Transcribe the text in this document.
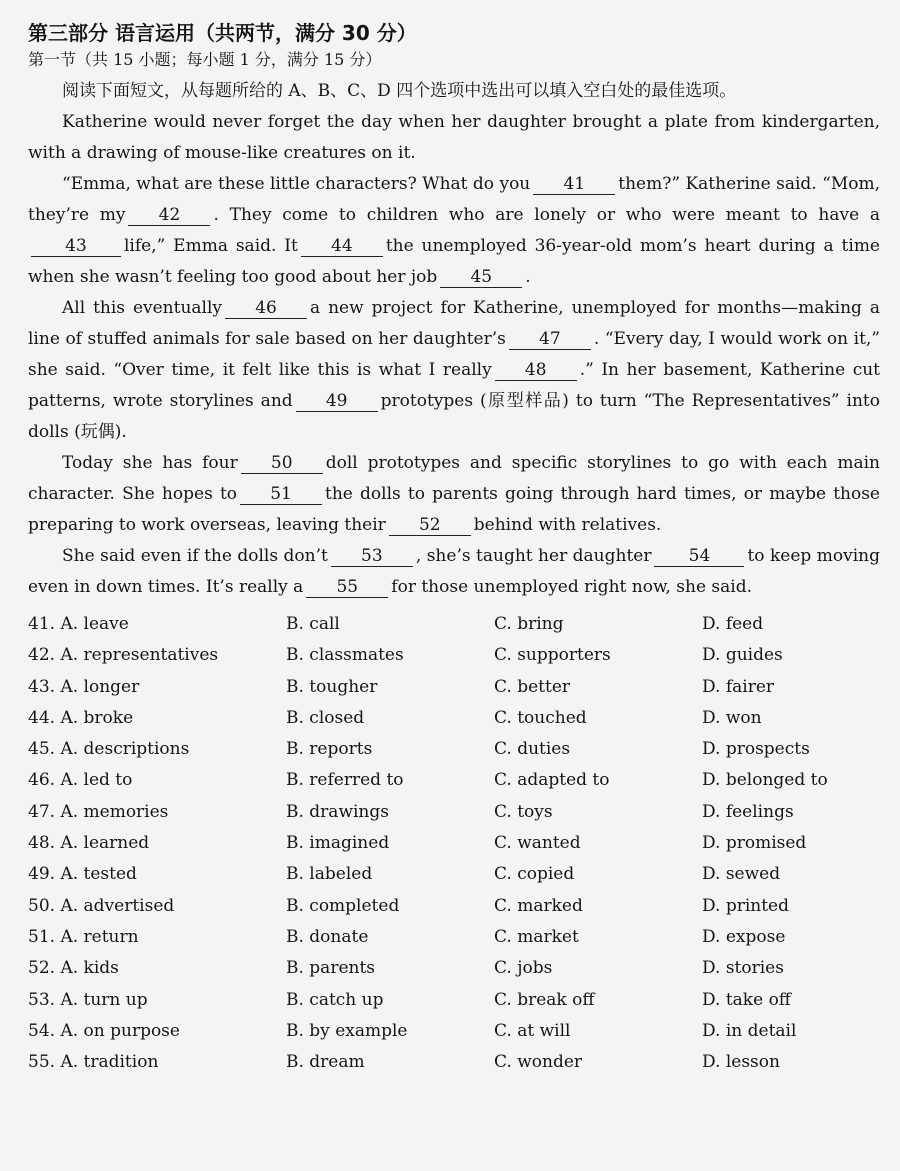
第三部分 语言运用（共两节，满分 30 分）
第一节（共 15 小题；每小题 1 分，满分 15 分）

阅读下面短文，从每题所给的 A、B、C、D 四个选项中选出可以填入空白处的最佳选项。

Katherine would never forget the day when her daughter brought a plate from kindergarten, with a drawing of mouse-like creatures on it.

“Emma, what are these little characters? What do you 41 them?” Katherine said. “Mom, they’re my 42 . They come to children who are lonely or who were meant to have a 43 life,” Emma said. It 44 the unemployed 36-year-old mom’s heart during a time when she wasn’t feeling too good about her job 45 .

All this eventually 46 a new project for Katherine, unemployed for months—making a line of stuffed animals for sale based on her daughter’s 47 . “Every day, I would work on it,” she said. “Over time, it felt like this is what I really 48 .” In her basement, Katherine cut patterns, wrote storylines and 49 prototypes (原型样品) to turn “The Representatives” into dolls (玩偶).

Today she has four 50 doll prototypes and specific storylines to go with each main character. She hopes to 51 the dolls to parents going through hard times, or maybe those preparing to work overseas, leaving their 52 behind with relatives.

She said even if the dolls don’t 53 , she’s taught her daughter 54 to keep moving even in down times. It’s really a 55 for those unemployed right now, she said.

41. A. leave	B. call	C. bring	D. feed
42. A. representatives	B. classmates	C. supporters	D. guides
43. A. longer	B. tougher	C. better	D. fairer
44. A. broke	B. closed	C. touched	D. won
45. A. descriptions	B. reports	C. duties	D. prospects
46. A. led to	B. referred to	C. adapted to	D. belonged to
47. A. memories	B. drawings	C. toys	D. feelings
48. A. learned	B. imagined	C. wanted	D. promised
49. A. tested	B. labeled	C. copied	D. sewed
50. A. advertised	B. completed	C. marked	D. printed
51. A. return	B. donate	C. market	D. expose
52. A. kids	B. parents	C. jobs	D. stories
53. A. turn up	B. catch up	C. break off	D. take off
54. A. on purpose	B. by example	C. at will	D. in detail
55. A. tradition	B. dream	C. wonder	D. lesson
